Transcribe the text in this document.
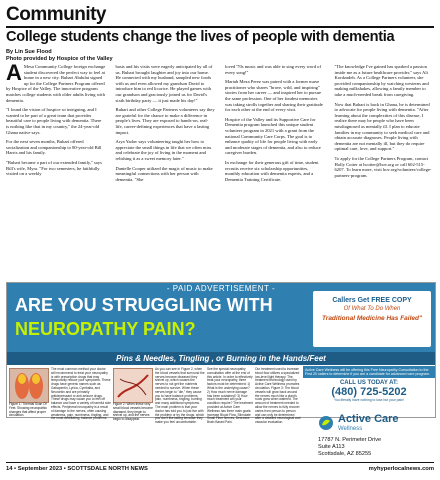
Community
College students change the lives of people with dementia
By Lin Sue Flood
Photo provided by Hospice of the Valley

A Mesa Community College foreign exchange student discovered the perfect way to feel at home in a new city. Buhari Abdulai signed up for the College Partners Program offered by Hospice of the Valley. The innovative program matches college students with older adults living with dementia.

"I found the vision of hospice so intriguing, and I wanted to be part of a great team that provides beautiful care to people living with dementia. There is nothing like that in my country," the 24-year-old Ghana native says.

For the next seven months, Buhari offered socialization and companionship to 80-year-old Bill Harris and his family.

"Buhari became a part of our extended family," says Bill's wife, Myra. "For two semesters, he faithfully visited on a weekly

basis and his visits were eagerly anticipated by all of us. Buhari brought laughter and joy into our home. He connected with my husband, sampled new foods with us and even allowed my grandson David to introduce him to red licorice. He played games with our grandson and graciously joined us for David's sixth birthday party — it just made his day!"

Buhari and other College Partners volunteers say they are grateful for the chance to make a difference in people's lives. They are exposed to hands-on, real-life, career-defining experiences that have a lasting impact.

Arya Yadav says volunteering taught her how to appreciate the small things in life that we often miss and celebrate the joy of living in the moment and relishing it as a sweet memory later."

Danielle Cooper utilized the magic of music to make meaningful connections with her person with dementia. "She

loved '70s music and was able to sing every word of every song!"

Mariah Meza Perez was paired with a former nurse practitioner who shares "brave, wild, and inspiring" stories from her career — and inspired her to pursue the same profession. One of her fondest memories was taking strolls together and sharing their gratitude for each other at the end of every visit.

Hospice of the Valley and its Supportive Care for Dementia program launched this unique student volunteer program in 2021 with a grant from the national Community Care Corps. The goal is to enhance quality of life for people living with early and moderate stages of dementia, and also to reduce caregiver burden.

In exchange for their generous gift of time, student recruits receive six scholarship opportunities, monthly education with dementia experts, and a Dementia Training Certificate.

"The knowledge I've gained has sparked a passion inside me as a future healthcare provider," says Ali Kordzadeh. As a College Partners volunteer, she provided companionship by watching westerns and making milkshakes, allowing a family member to take a much-needed break from caregiving.

Now that Buhari is back in Ghana, he is determined to advocate for people living with dementia. "After learning about the complexities of this disease, I realize there may be people who have been misdiagnosed as mentally ill. I plan to educate families in my community to seek medical care and obtain accurate diagnoses. People living with dementia are not mentally ill, but they do require optimal care, love, and support."

To apply for the College Partners Program, contact Holly Cotter at hcotter@hov.org or call 602-515-6207. To learn more, visit hov.org/volunteer/college-partners-program.

- PAID ADVERTISEMENT -
ARE YOU STRUGGLING WITH
NEUROPATHY PAIN?
Callers Get FREE COPY
Of What To Do When
Traditional Medicine Has Failed"
Pins & Needles, Tingling , or Burning in the Hands/Feet
Figure 1: Thermal Scan Of Feet. Showing neuropathic changes that affect proper circulation.
The most common method your doctor will recommend to treat your neuropathy is with prescription drugs that may temporarily reduce your symptoms. These drugs have generic names such as Gabapentin, Lyrica, Cymbalta, and Neurontin and are primarily antidepressant or anti-seizure drugs. These drugs may cause you to feel off balance and have a variety of harmful side effects. Peripheral neuropathy is a result of damage to the nerves, often causing weakness, pain, numbness, tingling, and the most debilitating, balance problems.
Figure 2: When these very small blood vessels become diseased, they begin to shrivel up, and the nerves begin to disappear.
As you can see in Figure 2, when the blood vessels that surround the nerves become diseased they shrivel up, which causes the nerves to not get the nutrients needed to survive. When these nerves begin to "die," they cause you to have balance problems, pain, numbness, tingling, burning and many additional symptoms. The main problem is that your doctor has told you to just live with the problem or try the drugs, which you don't like taking because they make you feel uncomfortable.
See the special neuropathy consultation offer at the end of this article. In order to effectively treat your neuropathy, three factors must be determined: 1) What is the underlying cause? 2) How much nerve damage has been sustained? 3) How much treatment will your condition require? The treatment provided at Active Care Wellness has three main goals: Increase Blood Flow, Stimulate Small Fiber Nerves, Decrease Brain Based Pain.
Our treatment used to increase blood flow utilizes a specialized low-level light therapy. The treatment technology used by Active Care Wellness promotes circulation. Figure 3: The blood vessels will grow back around the nerves much like a plant's roots grow when watered. The amount of treatment needed to allow the nerves to fully recover varies from person to person and can only be determined after a detailed neurological and vascular evaluation.
Active Care Wellness will be offering this Free Neuropathy Consultation to the First 20 callers to determine if you are a candidate for advanced care program.
CALL US TODAY AT:
(480) 725-5202
You literally have nothing to lose but your pain!
Active Care
Wellness
17787 N. Perimeter Drive
Suite A113
Scottsdale, AZ 85255
14 • September 2023 • SCOTTSDALE NORTH NEWS	myhyperlocalnews.com
